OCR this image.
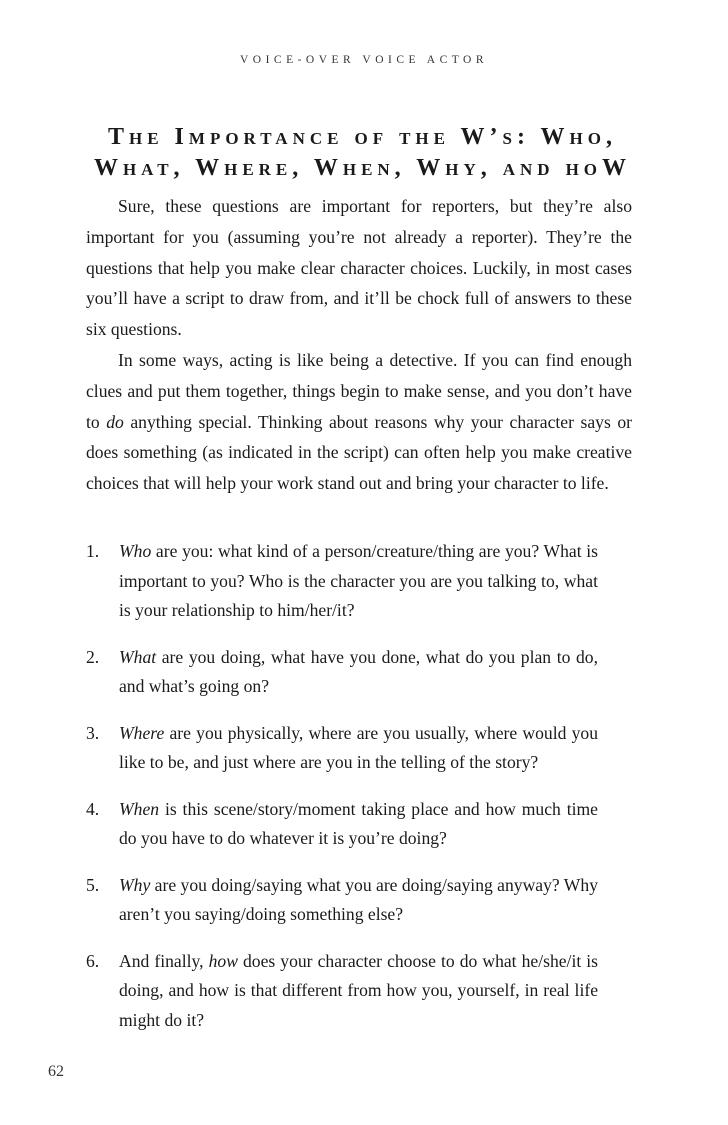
VOICE-OVER VOICE ACTOR
The Importance of the W’s: Who,
What, Where, When, Why, and hoW

Sure, these questions are important for reporters, but they’re also important for you (assuming you’re not already a reporter). They’re the questions that help you make clear character choices. Luckily, in most cases you’ll have a script to draw from, and it’ll be chock full of answers to these six questions.

In some ways, acting is like being a detective. If you can find enough clues and put them together, things begin to make sense, and you don’t have to do anything special. Thinking about reasons why your character says or does something (as indicated in the script) can often help you make creative choices that will help your work stand out and bring your character to life.

1. Who are you: what kind of a person/creature/thing are you? What is important to you? Who is the character you are you talking to, what is your relationship to him/her/it?
2. What are you doing, what have you done, what do you plan to do, and what’s going on?
3. Where are you physically, where are you usually, where would you like to be, and just where are you in the telling of the story?
4. When is this scene/story/moment taking place and how much time do you have to do whatever it is you’re doing?
5. Why are you doing/saying what you are doing/saying anyway? Why aren’t you saying/doing something else?
6. And finally, how does your character choose to do what he/she/it is doing, and how is that different from how you, yourself, in real life might do it?
62
